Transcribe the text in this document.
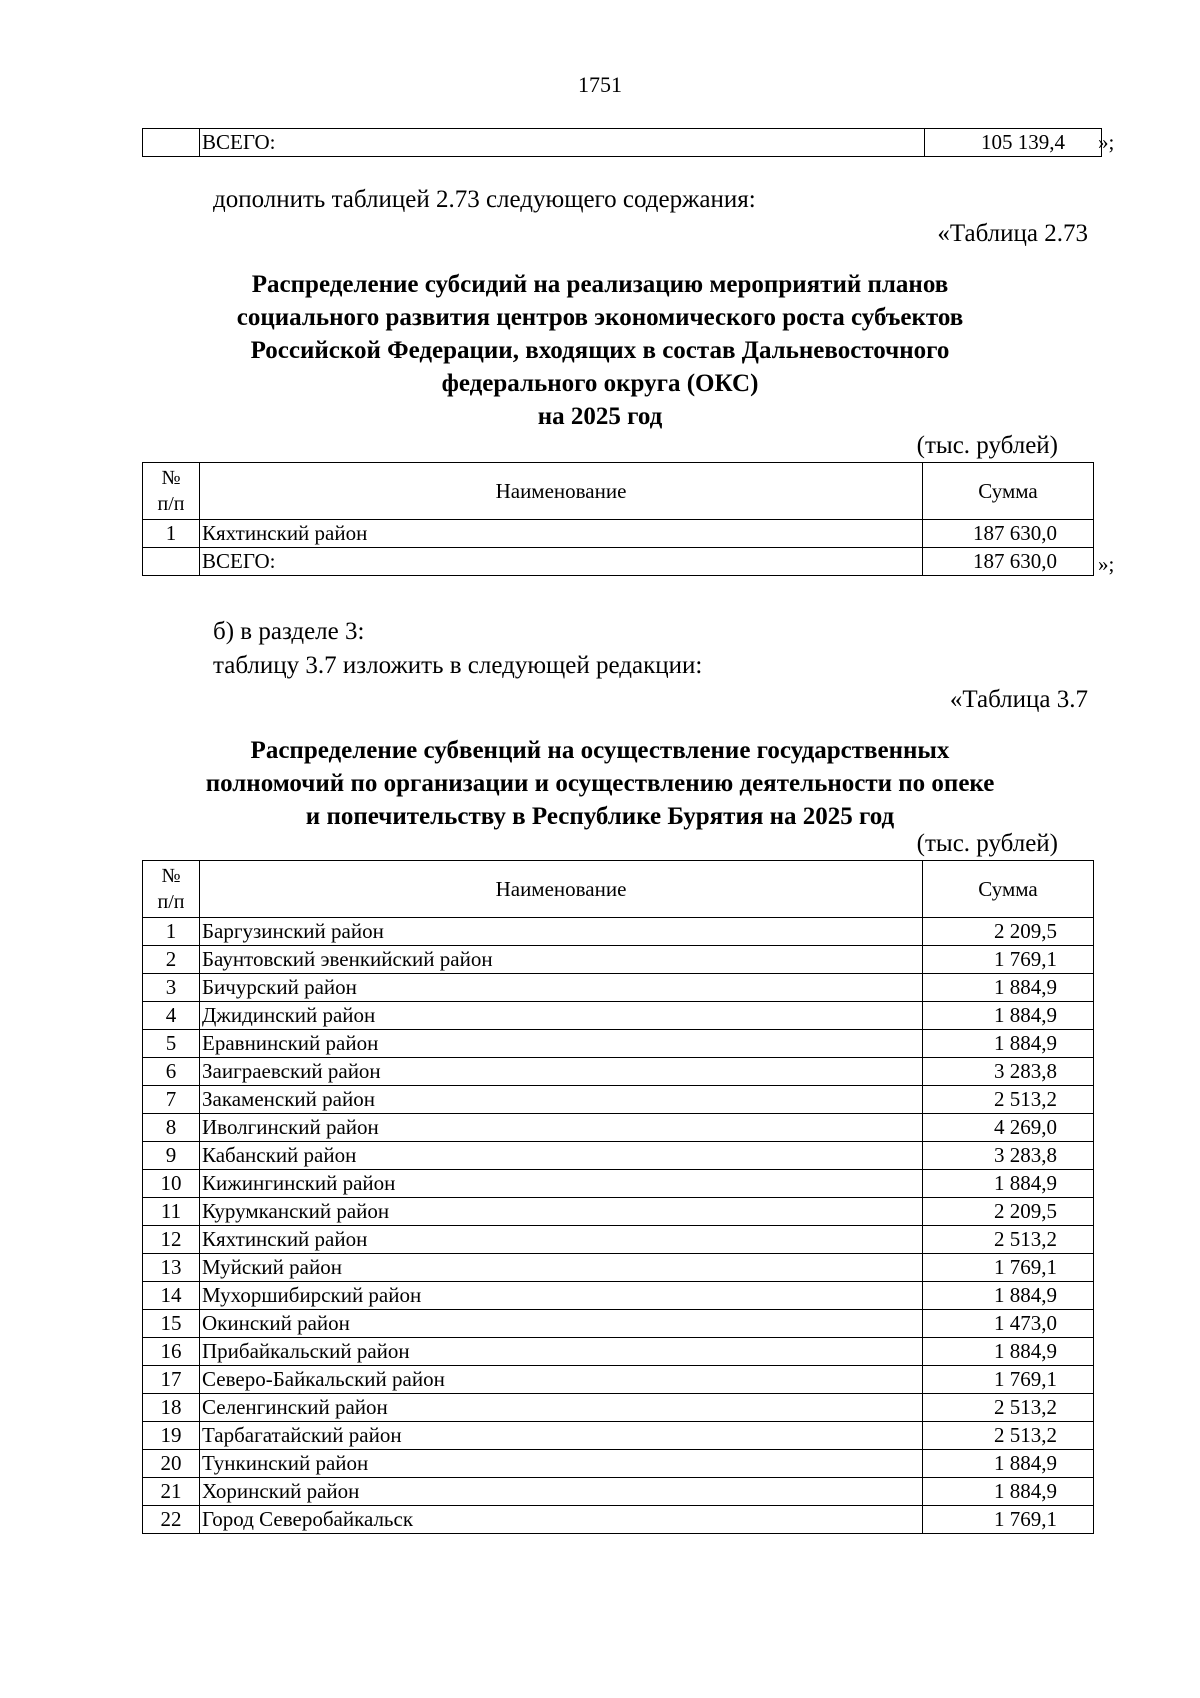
1751
	ВСЕГО:	105 139,4 »;
дополнить таблицей 2.73 следующего содержания:
«Таблица 2.73
Распределение субсидий на реализацию мероприятий планов
социального развития центров экономического роста субъектов
Российской Федерации, входящих в состав Дальневосточного
федерального округа (ОКС)
на 2025 год
(тыс. рублей)
№
п/п	Наименование	Сумма
1	Кяхтинский район	187 630,0
	ВСЕГО:	187 630,0 »;
б) в разделе 3:
таблицу 3.7 изложить в следующей редакции:
«Таблица 3.7
Распределение субвенций на осуществление государственных
полномочий по организации и осуществлению деятельности по опеке
и попечительству в Республике Бурятия на 2025 год
(тыс. рублей)
№
п/п	Наименование	Сумма
1	Баргузинский район	2 209,5
2	Баунтовский эвенкийский район	1 769,1
3	Бичурский район	1 884,9
4	Джидинский район	1 884,9
5	Еравнинский район	1 884,9
6	Заиграевский район	3 283,8
7	Закаменский район	2 513,2
8	Иволгинский район	4 269,0
9	Кабанский район	3 283,8
10	Кижингинский район	1 884,9
11	Курумканский район	2 209,5
12	Кяхтинский район	2 513,2
13	Муйский район	1 769,1
14	Мухоршибирский район	1 884,9
15	Окинский район	1 473,0
16	Прибайкальский район	1 884,9
17	Северо-Байкальский район	1 769,1
18	Селенгинский район	2 513,2
19	Тарбагатайский район	2 513,2
20	Тункинский район	1 884,9
21	Хоринский район	1 884,9
22	Город Северобайкальск	1 769,1
